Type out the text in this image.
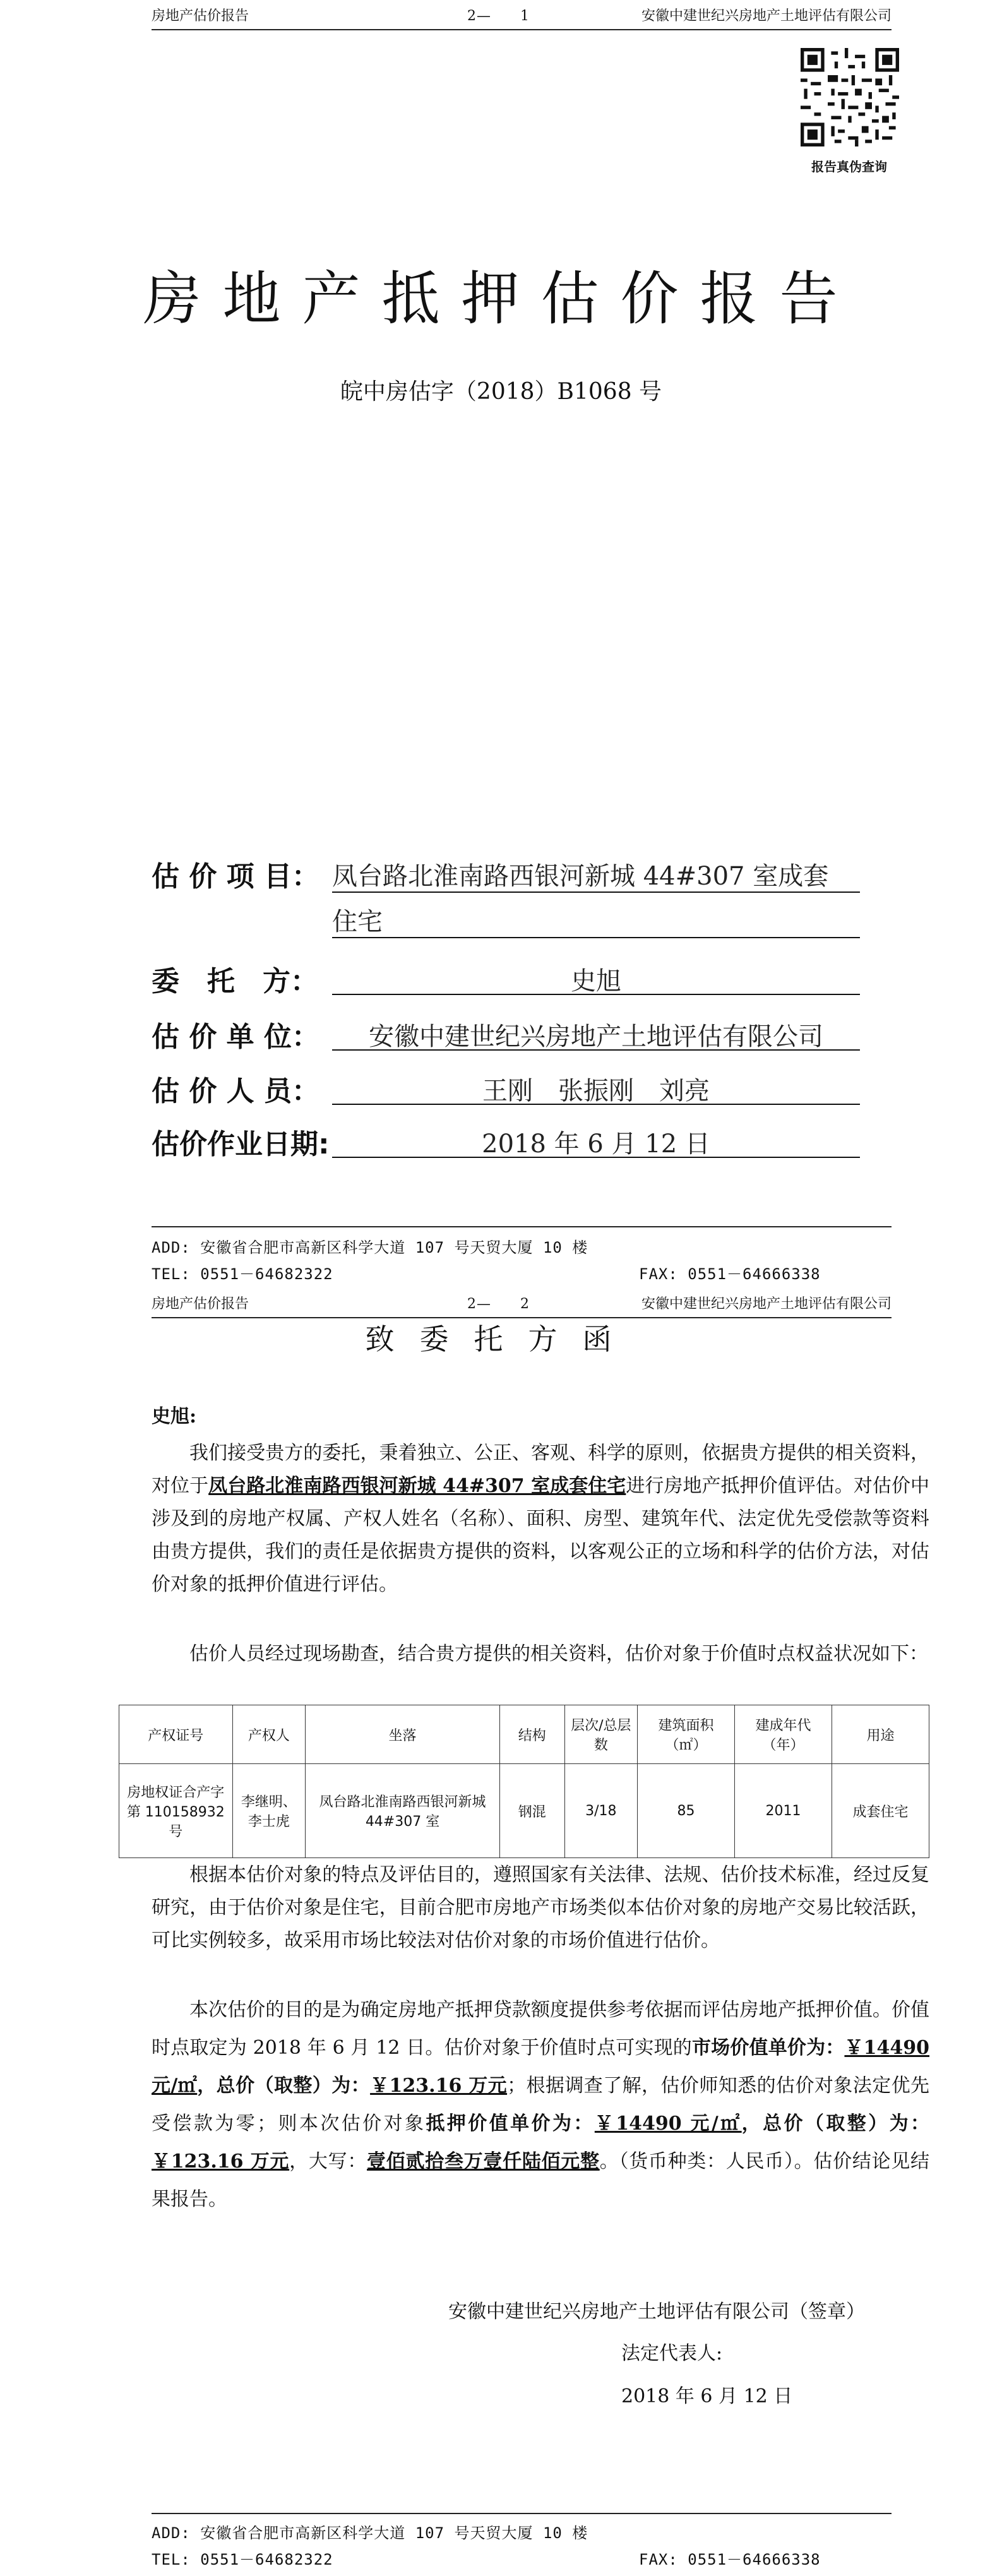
房地产估价报告	2—　　1	安徽中建世纪兴房地产土地评估有限公司
报告真伪查询
房地产抵押估价报告
皖中房估字（2018）B1068 号
估 价 项 目： 凤台路北淮南路西银河新城 44#307 室成套
住宅
委　托　方：	史旭
估 价 单 位：	安徽中建世纪兴房地产土地评估有限公司
估 价 人 员：	王刚　张振刚　刘亮
估价作业日期:	2018 年 6 月 12 日
ADD: 安徽省合肥市高新区科学大道 107 号天贸大厦 10 楼
TEL: 0551－64682322	FAX: 0551－64666338
房地产估价报告	2—　　2	安徽中建世纪兴房地产土地评估有限公司
致委托方函
史旭:
我们接受贵方的委托，秉着独立、公正、客观、科学的原则，依据贵方提供的相关资料，对位于凤台路北淮南路西银河新城 44#307 室成套住宅进行房地产抵押价值评估。对估价中涉及到的房地产权属、产权人姓名（名称）、面积、房型、建筑年代、法定优先受偿款等资料由贵方提供，我们的责任是依据贵方提供的资料，以客观公正的立场和科学的估价方法，对估价对象的抵押价值进行评估。
估价人员经过现场勘查，结合贵方提供的相关资料，估价对象于价值时点权益状况如下：
产权证号	产权人	坐落	结构	层次/总层数	建筑面积（㎡）	建成年代（年）	用途
房地权证合产字第 110158932 号	李继明、李士虎	凤台路北淮南路西银河新城 44#307 室	钢混	3/18	85	2011	成套住宅
根据本估价对象的特点及评估目的，遵照国家有关法律、法规、估价技术标准，经过反复研究，由于估价对象是住宅，目前合肥市房地产市场类似本估价对象的房地产交易比较活跃，可比实例较多，故采用市场比较法对估价对象的市场价值进行估价。
本次估价的目的是为确定房地产抵押贷款额度提供参考依据而评估房地产抵押价值。价值时点取定为 2018 年 6 月 12 日。估价对象于价值时点可实现的市场价值单价为：￥14490 元/㎡，总价（取整）为：￥123.16 万元；根据调查了解，估价师知悉的估价对象法定优先受偿款为零；则本次估价对象抵押价值单价为：￥14490 元/㎡，总价（取整）为：￥123.16 万元，大写：壹佰贰拾叁万壹仟陆佰元整。（货币种类：人民币）。估价结论见结果报告。
安徽中建世纪兴房地产土地评估有限公司（签章）
法定代表人:
2018 年 6 月 12 日
ADD: 安徽省合肥市高新区科学大道 107 号天贸大厦 10 楼
TEL: 0551－64682322	FAX: 0551－64666338
